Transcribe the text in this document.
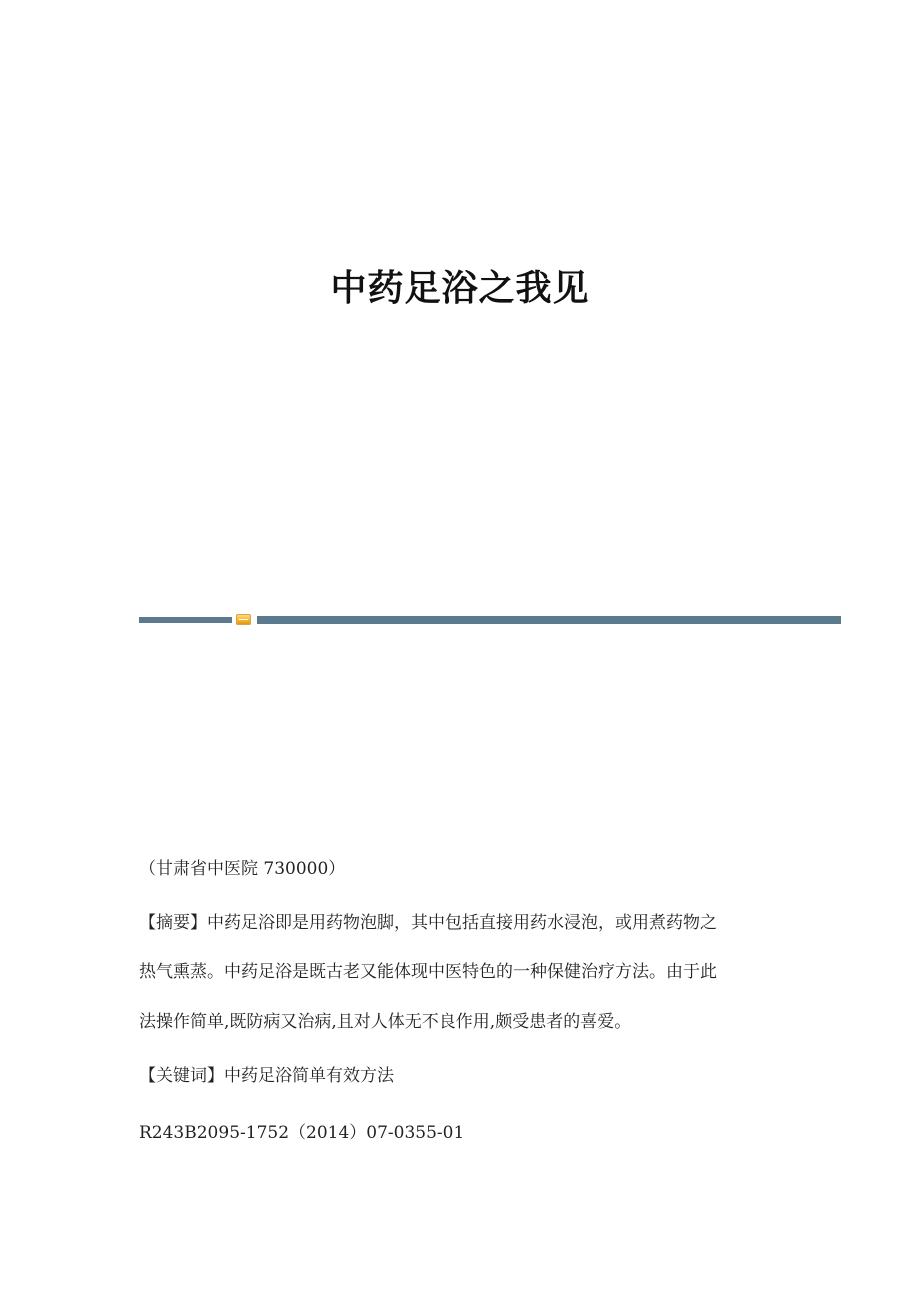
中药足浴之我见
（甘肃省中医院 730000）
【摘要】中药足浴即是用药物泡脚，其中包括直接用药水浸泡，或用煮药物之
热气熏蒸。中药足浴是既古老又能体现中医特色的一种保健治疗方法。由于此
法操作简单,既防病又治病,且对人体无不良作用,颇受患者的喜爱。
【关键词】中药足浴简单有效方法
R243B2095-1752（2014）07-0355-01
